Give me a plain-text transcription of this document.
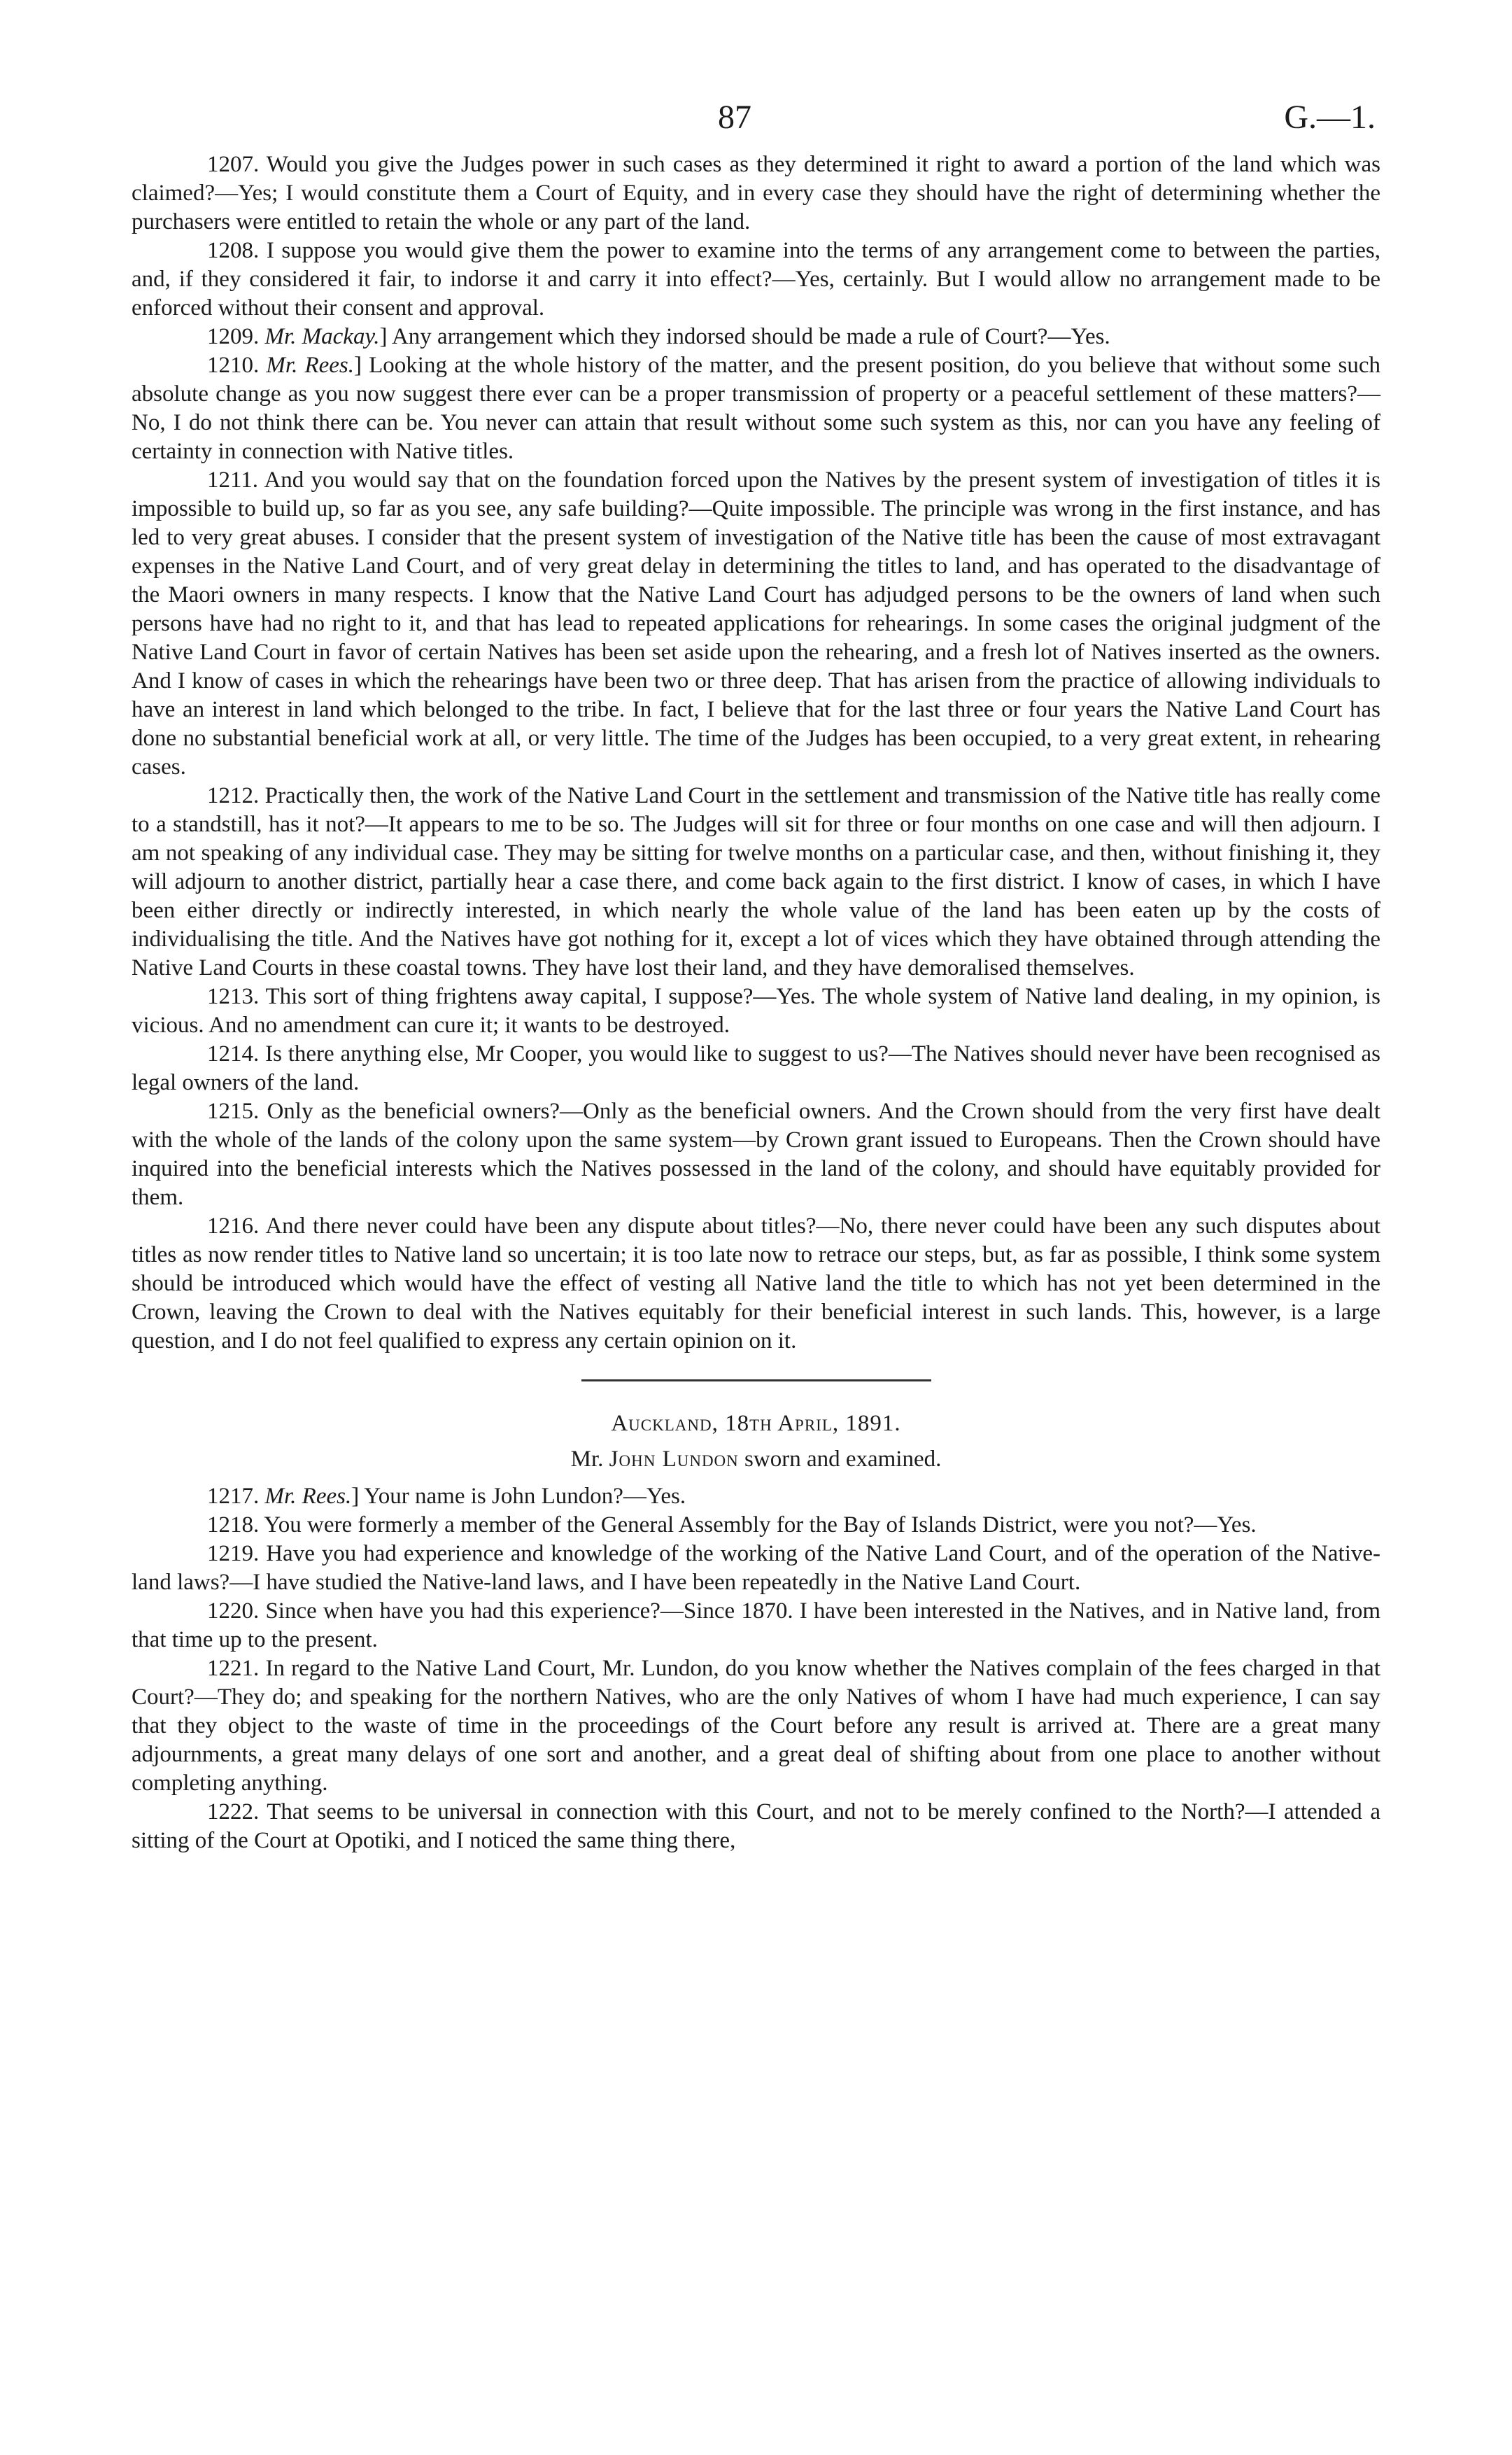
87	G.—1.

1207. Would you give the Judges power in such cases as they determined it right to award a portion of the land which was claimed?—Yes; I would constitute them a Court of Equity, and in every case they should have the right of determining whether the purchasers were entitled to retain the whole or any part of the land.

1208. I suppose you would give them the power to examine into the terms of any arrangement come to between the parties, and, if they considered it fair, to indorse it and carry it into effect?—Yes, certainly. But I would allow no arrangement made to be enforced without their consent and approval.

1209. Mr. Mackay.] Any arrangement which they indorsed should be made a rule of Court?—Yes.

1210. Mr. Rees.] Looking at the whole history of the matter, and the present position, do you believe that without some such absolute change as you now suggest there ever can be a proper transmission of property or a peaceful settlement of these matters?—No, I do not think there can be. You never can attain that result without some such system as this, nor can you have any feeling of certainty in connection with Native titles.

1211. And you would say that on the foundation forced upon the Natives by the present system of investigation of titles it is impossible to build up, so far as you see, any safe building?—Quite impossible. The principle was wrong in the first instance, and has led to very great abuses. I consider that the present system of investigation of the Native title has been the cause of most extravagant expenses in the Native Land Court, and of very great delay in determining the titles to land, and has operated to the disadvantage of the Maori owners in many respects. I know that the Native Land Court has adjudged persons to be the owners of land when such persons have had no right to it, and that has lead to repeated applications for rehearings. In some cases the original judgment of the Native Land Court in favor of certain Natives has been set aside upon the rehearing, and a fresh lot of Natives inserted as the owners. And I know of cases in which the rehearings have been two or three deep. That has arisen from the practice of allowing individuals to have an interest in land which belonged to the tribe. In fact, I believe that for the last three or four years the Native Land Court has done no substantial beneficial work at all, or very little. The time of the Judges has been occupied, to a very great extent, in rehearing cases.

1212. Practically then, the work of the Native Land Court in the settlement and transmission of the Native title has really come to a standstill, has it not?—It appears to me to be so. The Judges will sit for three or four months on one case and will then adjourn. I am not speaking of any individual case. They may be sitting for twelve months on a particular case, and then, without finishing it, they will adjourn to another district, partially hear a case there, and come back again to the first district. I know of cases, in which I have been either directly or indirectly interested, in which nearly the whole value of the land has been eaten up by the costs of individualising the title. And the Natives have got nothing for it, except a lot of vices which they have obtained through attending the Native Land Courts in these coastal towns. They have lost their land, and they have demoralised themselves.

1213. This sort of thing frightens away capital, I suppose?—Yes. The whole system of Native land dealing, in my opinion, is vicious. And no amendment can cure it; it wants to be destroyed.

1214. Is there anything else, Mr Cooper, you would like to suggest to us?—The Natives should never have been recognised as legal owners of the land.

1215. Only as the beneficial owners?—Only as the beneficial owners. And the Crown should from the very first have dealt with the whole of the lands of the colony upon the same system—by Crown grant issued to Europeans. Then the Crown should have inquired into the beneficial interests which the Natives possessed in the land of the colony, and should have equitably provided for them.

1216. And there never could have been any dispute about titles?—No, there never could have been any such disputes about titles as now render titles to Native land so uncertain; it is too late now to retrace our steps, but, as far as possible, I think some system should be introduced which would have the effect of vesting all Native land the title to which has not yet been determined in the Crown, leaving the Crown to deal with the Natives equitably for their beneficial interest in such lands. This, however, is a large question, and I do not feel qualified to express any certain opinion on it.

Auckland, 18th April, 1891.

Mr. John Lundon sworn and examined.

1217. Mr. Rees.] Your name is John Lundon?—Yes.

1218. You were formerly a member of the General Assembly for the Bay of Islands District, were you not?—Yes.

1219. Have you had experience and knowledge of the working of the Native Land Court, and of the operation of the Native-land laws?—I have studied the Native-land laws, and I have been repeatedly in the Native Land Court.

1220. Since when have you had this experience?—Since 1870. I have been interested in the Natives, and in Native land, from that time up to the present.

1221. In regard to the Native Land Court, Mr. Lundon, do you know whether the Natives complain of the fees charged in that Court?—They do; and speaking for the northern Natives, who are the only Natives of whom I have had much experience, I can say that they object to the waste of time in the proceedings of the Court before any result is arrived at. There are a great many adjournments, a great many delays of one sort and another, and a great deal of shifting about from one place to another without completing anything.

1222. That seems to be universal in connection with this Court, and not to be merely confined to the North?—I attended a sitting of the Court at Opotiki, and I noticed the same thing there,
